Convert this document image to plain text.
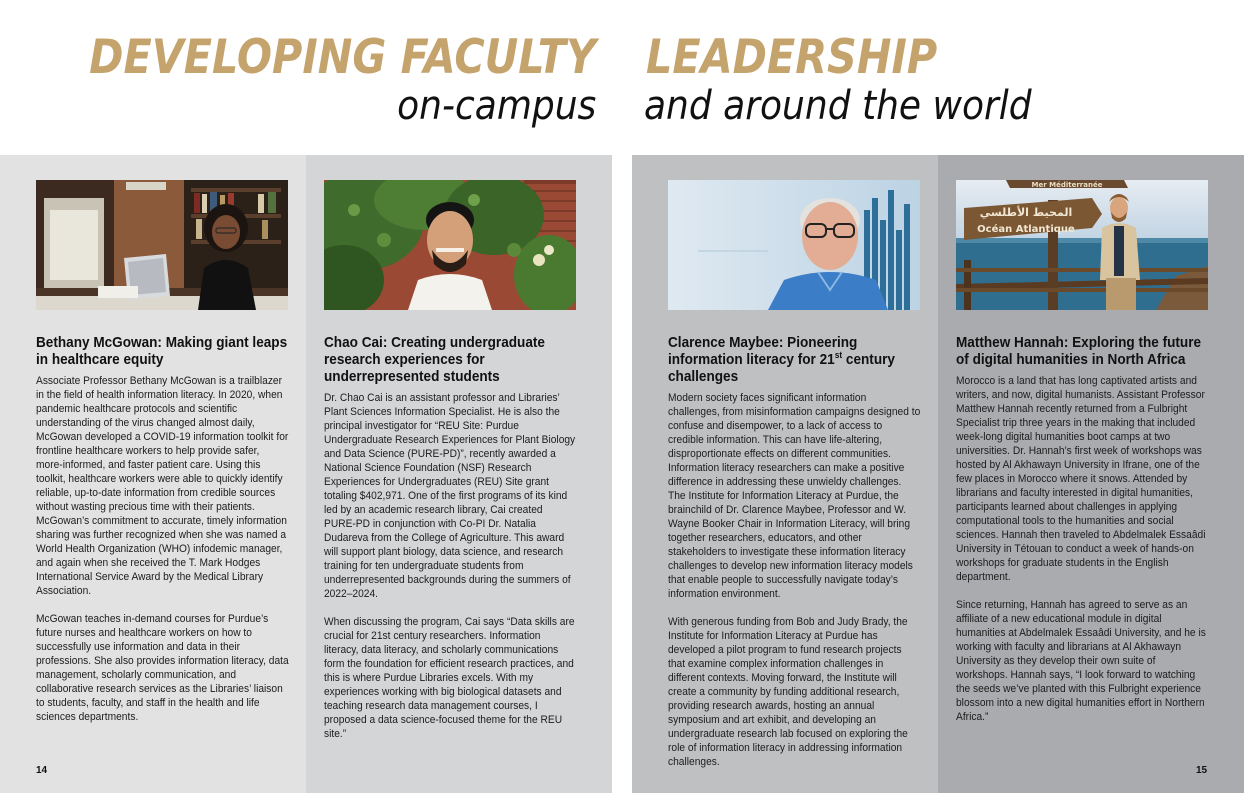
DEVELOPING FACULTY
on-campus
LEADERSHIP
and around the world
Bethany McGowan: Making giant leaps in healthcare equity

Associate Professor Bethany McGowan is a trailblazer in the field of health information literacy. In 2020, when pandemic healthcare protocols and scientific understanding of the virus changed almost daily, McGowan developed a COVID-19 information toolkit for frontline healthcare workers to help provide safer, more-informed, and faster patient care. Using this toolkit, healthcare workers were able to quickly identify reliable, up-to-date information from credible sources without wasting precious time with their patients. McGowan’s commitment to accurate, timely information sharing was further recognized when she was named a World Health Organization (WHO) infodemic manager, and again when she received the T. Mark Hodges International Service Award by the Medical Library Association.

McGowan teaches in-demand courses for Purdue’s future nurses and healthcare workers on how to successfully use information and data in their professions. She also provides information literacy, data management, scholarly communication, and collaborative research services as the Libraries’ liaison to students, faculty, and staff in the health and life sciences departments.

Chao Cai: Creating undergraduate research experiences for underrepresented students

Dr. Chao Cai is an assistant professor and Libraries’ Plant Sciences Information Specialist. He is also the principal investigator for “REU Site: Purdue Undergraduate Research Experiences for Plant Biology and Data Science (PURE-PD)”, recently awarded a National Science Foundation (NSF) Research Experiences for Undergraduates (REU) Site grant totaling $402,971. One of the first programs of its kind led by an academic research library, Cai created PURE-PD in conjunction with Co-PI Dr. Natalia Dudareva from the College of Agriculture. This award will support plant biology, data science, and research training for ten undergraduate students from underrepresented backgrounds during the summers of 2022–2024.

When discussing the program, Cai says “Data skills are crucial for 21st century researchers. Information literacy, data literacy, and scholarly communications form the foundation for efficient research practices, and this is where Purdue Libraries excels. With my experiences working with big biological datasets and teaching research data management courses, I proposed a data science-focused theme for the REU site.”

Clarence Maybee: Pioneering information literacy for 21st century challenges

Modern society faces significant information challenges, from misinformation campaigns designed to confuse and disempower, to a lack of access to credible information. This can have life-altering, disproportionate effects on different communities. Information literacy researchers can make a positive difference in addressing these unwieldy challenges. The Institute for Information Literacy at Purdue, the brainchild of Dr. Clarence Maybee, Professor and W. Wayne Booker Chair in Information Literacy, will bring together researchers, educators, and other stakeholders to investigate these information literacy challenges to develop new information literacy models that enable people to successfully navigate today’s information environment.

With generous funding from Bob and Judy Brady, the Institute for Information Literacy at Purdue has developed a pilot program to fund research projects that examine complex information challenges in different contexts. Moving forward, the Institute will create a community by funding additional research, providing research awards, hosting an annual symposium and art exhibit, and developing an undergraduate research lab focused on exploring the role of information literacy in addressing information challenges.

Mer Méditerranée
المحيط الأطلسي
Océan Atlantique
Matthew Hannah: Exploring the future of digital humanities in North Africa

Morocco is a land that has long captivated artists and writers, and now, digital humanists. Assistant Professor Matthew Hannah recently returned from a Fulbright Specialist trip three years in the making that included week-long digital humanities boot camps at two universities. Dr. Hannah’s first week of workshops was hosted by Al Akhawayn University in Ifrane, one of the few places in Morocco where it snows. Attended by librarians and faculty interested in digital humanities, participants learned about challenges in applying computational tools to the humanities and social sciences. Hannah then traveled to Abdelmalek Essaâdi University in Tétouan to conduct a week of hands-on workshops for graduate students in the English department.

Since returning, Hannah has agreed to serve as an affiliate of a new educational module in digital humanities at Abdelmalek Essaâdi University, and he is working with faculty and librarians at Al Akhawayn University as they develop their own suite of workshops. Hannah says, “I look forward to watching the seeds we’ve planted with this Fulbright experience blossom into a new digital humanities effort in Northern Africa.”

14	15
